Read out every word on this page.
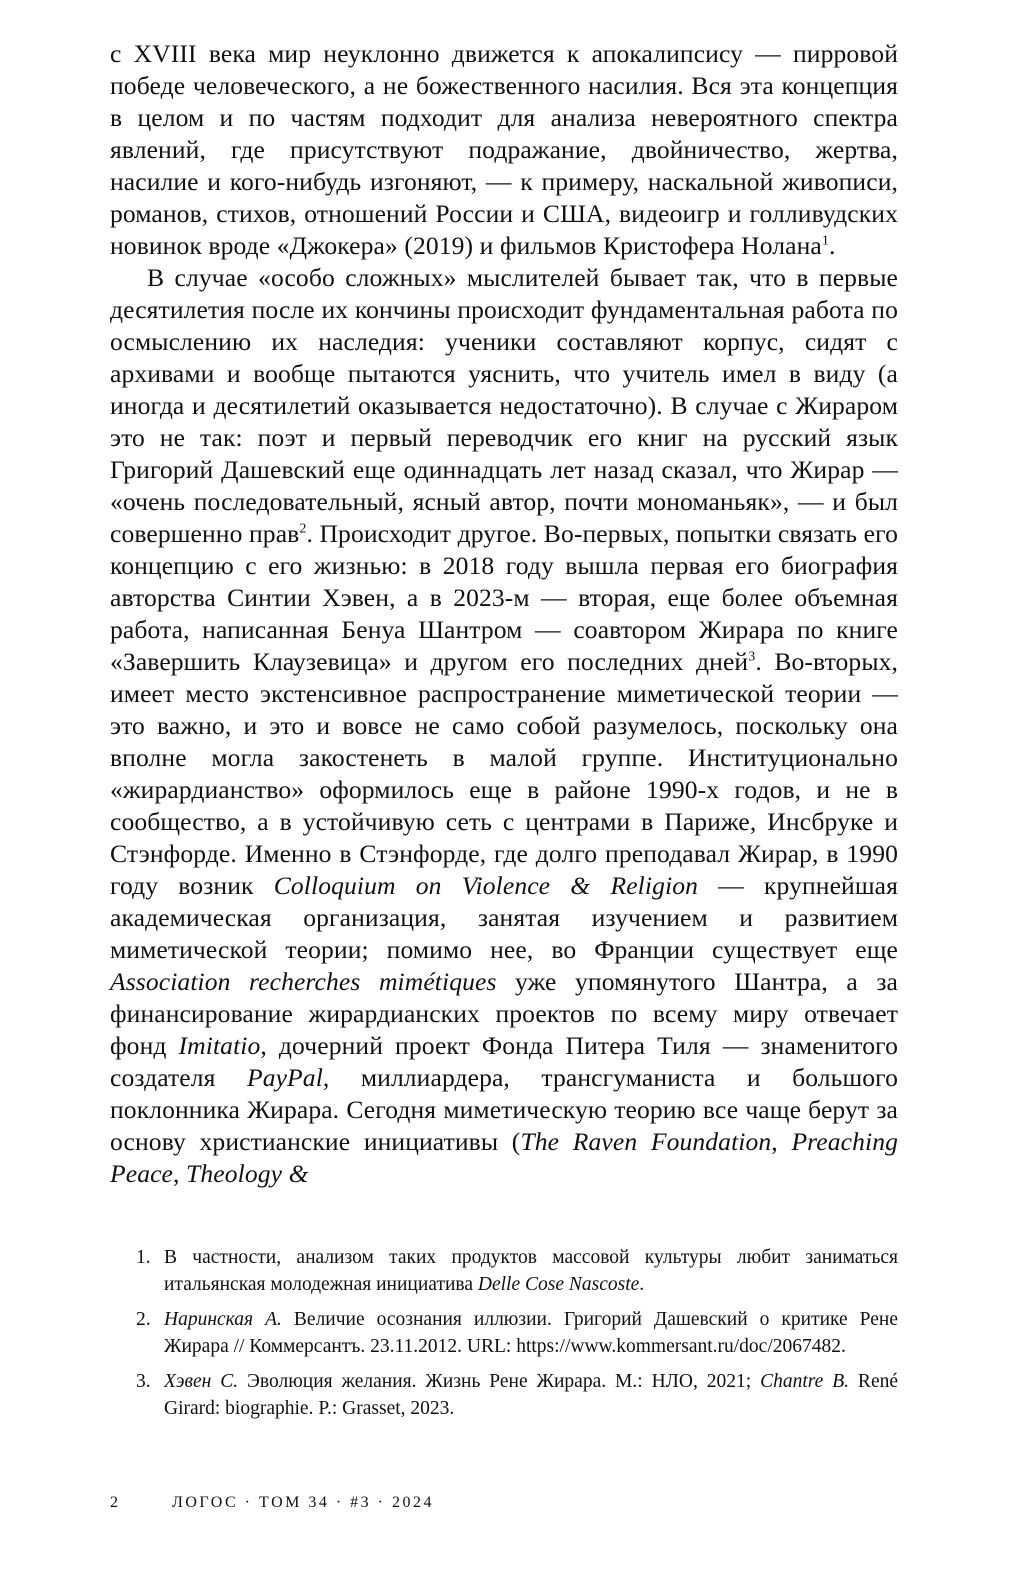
с XVIII века мир неуклонно движется к апокалипсису — пирровой победе человеческого, а не божественного насилия. Вся эта концепция в целом и по частям подходит для анализа невероятного спектра явлений, где присутствуют подражание, двойничество, жертва, насилие и кого-нибудь изгоняют, — к примеру, наскальной живописи, романов, стихов, отношений России и США, видеоигр и голливудских новинок вроде «Джокера» (2019) и фильмов Кристофера Нолана$^1$.

В случае «особо сложных» мыслителей бывает так, что в первые десятилетия после их кончины происходит фундаментальная работа по осмыслению их наследия: ученики составляют корпус, сидят с архивами и вообще пытаются уяснить, что учитель имел в виду (а иногда и десятилетий оказывается недостаточно). В случае с Жираром это не так: поэт и первый переводчик его книг на русский язык Григорий Дашевский еще одиннадцать лет назад сказал, что Жирар — «очень последовательный, ясный автор, почти мономаньяк», — и был совершенно прав$^2$. Происходит другое. Во-первых, попытки связать его концепцию с его жизнью: в 2018 году вышла первая его биография авторства Синтии Хэвен, а в 2023-м — вторая, еще более объемная работа, написанная Бенуа Шантром — соавтором Жирара по книге «Завершить Клаузевица» и другом его последних дней$^3$. Во-вторых, имеет место экстенсивное распространение миметической теории — это важно, и это и вовсе не само собой разумелось, поскольку она вполне могла закостенеть в малой группе. Институционально «жирардианство» оформилось еще в районе 1990-х годов, и не в сообщество, а в устойчивую сеть с центрами в Париже, Инсбруке и Стэнфорде. Именно в Стэнфорде, где долго преподавал Жирар, в 1990 году возник Colloquium on Violence & Religion — крупнейшая академическая организация, занятая изучением и развитием миметической теории; помимо нее, во Франции существует еще Association recherches mimétiques уже упомянутого Шантра, а за финансирование жирардианских проектов по всему миру отвечает фонд Imitatio, дочерний проект Фонда Питера Тиля — знаменитого создателя PayPal, миллиардера, трансгуманиста и большого поклонника Жирара. Сегодня миметическую теорию все чаще берут за основу христианские инициативы (The Raven Foundation, Preaching Peace, Theology &

1. В частности, анализом таких продуктов массовой культуры любит заниматься итальянская молодежная инициатива Delle Cose Nascoste.
2. Наринская А. Величие осознания иллюзии. Григорий Дашевский о критике Рене Жирара // Коммерсантъ. 23.11.2012. URL: https://www.kommersant.ru/doc/2067482.
3. Хэвен С. Эволюция желания. Жизнь Рене Жирара. М.: НЛО, 2021; Chantre B. René Girard: biographie. P.: Grasset, 2023.
2	ЛОГОС · ТОМ 34 · #3 · 2024
